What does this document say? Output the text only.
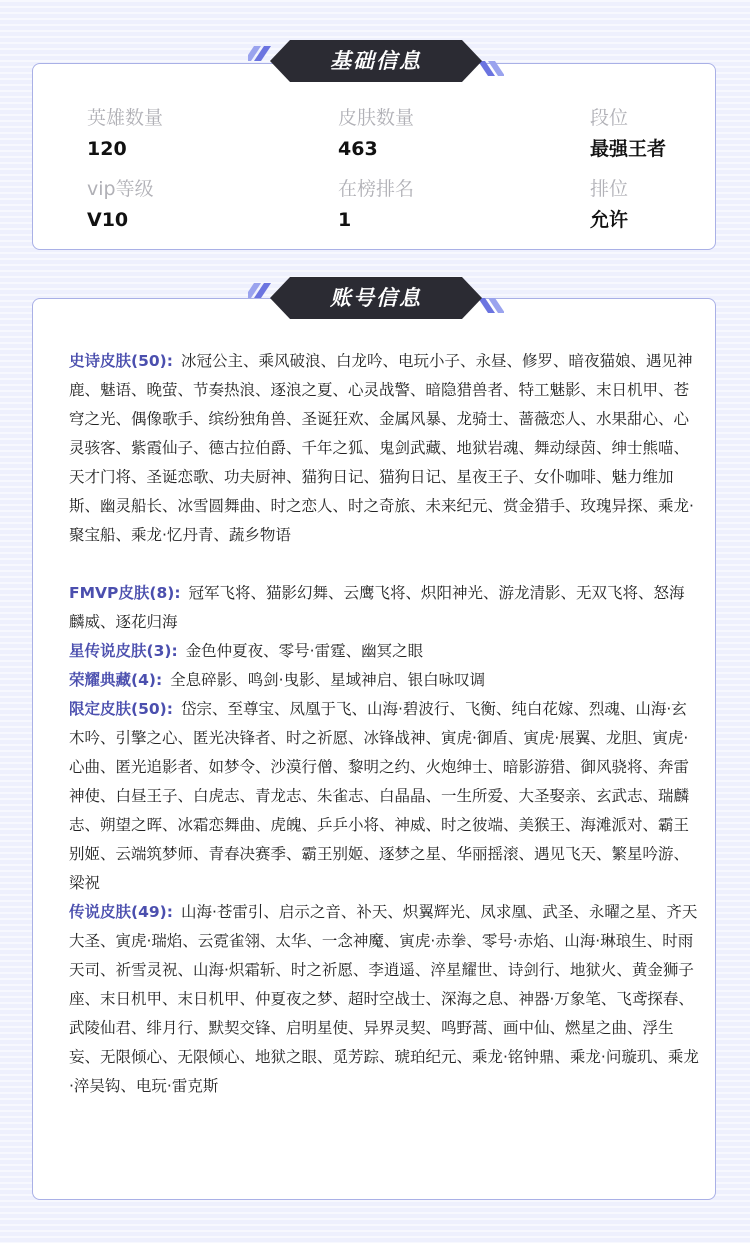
英雄数量
120
皮肤数量
463
段位
最强王者
vip等级
V10
在榜排名
1
排位
允许

史诗皮肤(50): 冰冠公主、乘风破浪、白龙吟、电玩小子、永昼、修罗、暗夜猫娘、遇见神鹿、魅语、晚萤、节奏热浪、逐浪之夏、心灵战警、暗隐猎兽者、特工魅影、末日机甲、苍穹之光、偶像歌手、缤纷独角兽、圣诞狂欢、金属风暴、龙骑士、蔷薇恋人、水果甜心、心灵骇客、紫霞仙子、德古拉伯爵、千年之狐、鬼剑武藏、地狱岩魂、舞动绿茵、绅士熊喵、天才门将、圣诞恋歌、功夫厨神、猫狗日记、猫狗日记、星夜王子、女仆咖啡、魅力维加斯、幽灵船长、冰雪圆舞曲、时之恋人、时之奇旅、未来纪元、赏金猎手、玫瑰异探、乘龙·聚宝船、乘龙·忆丹青、蔬乡物语

FMVP皮肤(8): 冠军飞将、猫影幻舞、云鹰飞将、炽阳神光、游龙清影、无双飞将、怒海麟威、逐花归海

星传说皮肤(3): 金色仲夏夜、零号·雷霆、幽冥之眼

荣耀典藏(4): 全息碎影、鸣剑·曳影、星域神启、银白咏叹调

限定皮肤(50): 岱宗、至尊宝、凤凰于飞、山海·碧波行、飞衡、纯白花嫁、烈魂、山海·玄木吟、引擎之心、匿光决锋者、时之祈愿、冰锋战神、寅虎·御盾、寅虎·展翼、龙胆、寅虎·心曲、匿光追影者、如梦令、沙漠行僧、黎明之约、火炮绅士、暗影游猎、御风骁将、奔雷神使、白昼王子、白虎志、青龙志、朱雀志、白晶晶、一生所爱、大圣娶亲、玄武志、瑞麟志、朔望之晖、冰霜恋舞曲、虎魄、乒乒小将、神威、时之彼端、美猴王、海滩派对、霸王别姬、云端筑梦师、青春决赛季、霸王别姬、逐梦之星、华丽摇滚、遇见飞天、繁星吟游、梁祝

传说皮肤(49): 山海·苍雷引、启示之音、补天、炽翼辉光、凤求凰、武圣、永曜之星、齐天大圣、寅虎·瑞焰、云霓雀翎、太华、一念神魔、寅虎·赤拳、零号·赤焰、山海·琳琅生、时雨天司、祈雪灵祝、山海·炽霜斩、时之祈愿、李逍遥、淬星耀世、诗剑行、地狱火、黄金狮子座、末日机甲、末日机甲、仲夏夜之梦、超时空战士、深海之息、神器·万象笔、飞鸢探春、武陵仙君、绯月行、默契交锋、启明星使、异界灵契、鸣野蒿、画中仙、燃星之曲、浮生妄、无限倾心、无限倾心、地狱之眼、觅芳踪、琥珀纪元、乘龙·铭钟鼎、乘龙·问璇玑、乘龙·淬吴钩、电玩·雷克斯

基础信息
账号信息
